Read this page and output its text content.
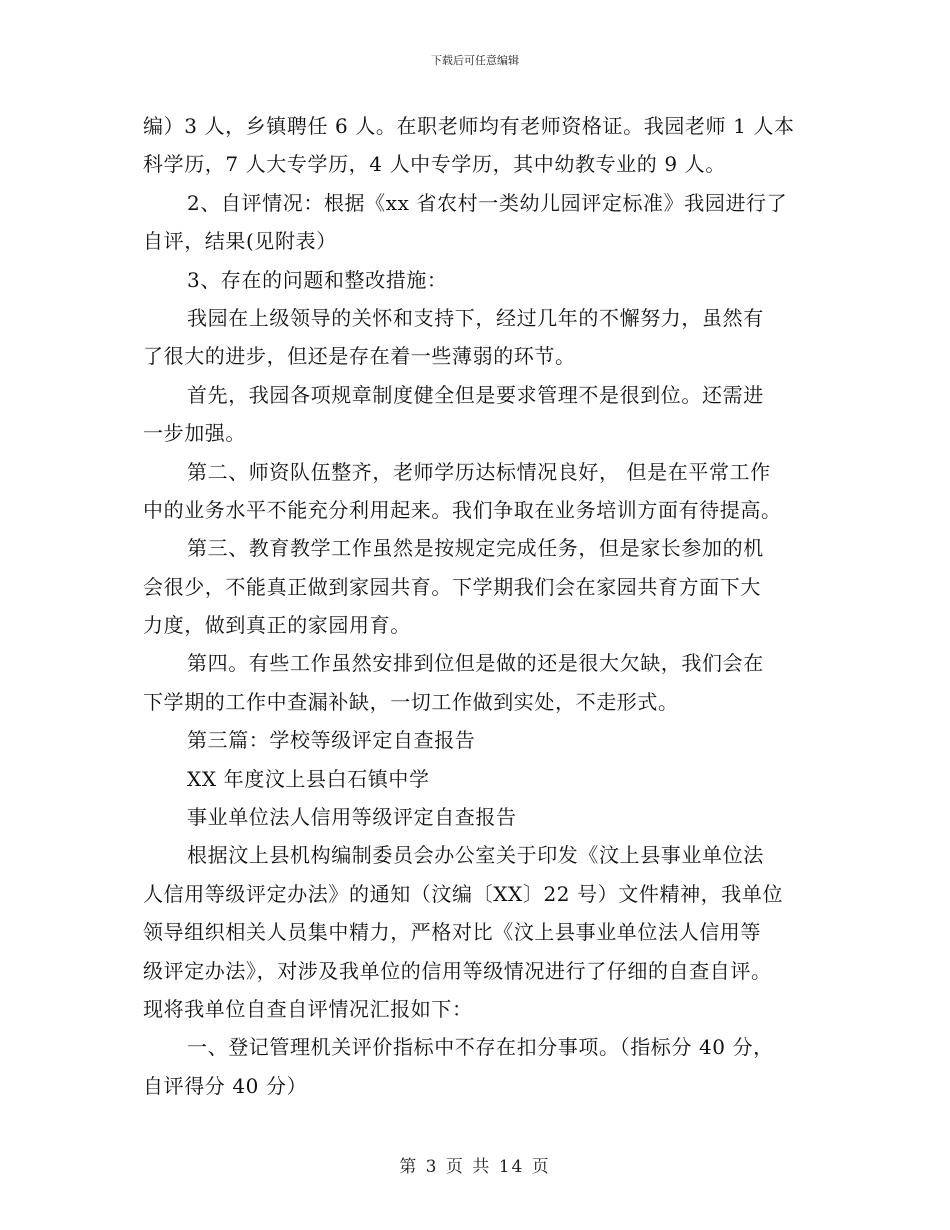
下载后可任意编辑
编）3 人，乡镇聘任 6 人。在职老师均有老师资格证。我园老师 1 人本
科学历，7 人大专学历，4 人中专学历，其中幼教专业的 9 人。
2、自评情况：根据《xx 省农村一类幼儿园评定标准》我园进行了
自评，结果(见附表）
3、存在的问题和整改措施：
我园在上级领导的关怀和支持下，经过几年的不懈努力，虽然有
了很大的进步，但还是存在着一些薄弱的环节。
首先，我园各项规章制度健全但是要求管理不是很到位。还需进
一步加强。
第二、师资队伍整齐，老师学历达标情况良好， 但是在平常工作
中的业务水平不能充分利用起来。我们争取在业务培训方面有待提高。
第三、教育教学工作虽然是按规定完成任务，但是家长参加的机
会很少，不能真正做到家园共育。下学期我们会在家园共育方面下大
力度，做到真正的家园用育。
第四。有些工作虽然安排到位但是做的还是很大欠缺，我们会在
下学期的工作中查漏补缺，一切工作做到实处，不走形式。
第三篇：学校等级评定自查报告
XX 年度汶上县白石镇中学
事业单位法人信用等级评定自查报告
根据汶上县机构编制委员会办公室关于印发《汶上县事业单位法
人信用等级评定办法》的通知（汶编〔XX〕22 号）文件精神，我单位
领导组织相关人员集中精力，严格对比《汶上县事业单位法人信用等
级评定办法》，对涉及我单位的信用等级情况进行了仔细的自查自评。
现将我单位自查自评情况汇报如下：
一、登记管理机关评价指标中不存在扣分事项。（指标分 40 分，
自评得分 40 分）
第 3 页 共 14 页
